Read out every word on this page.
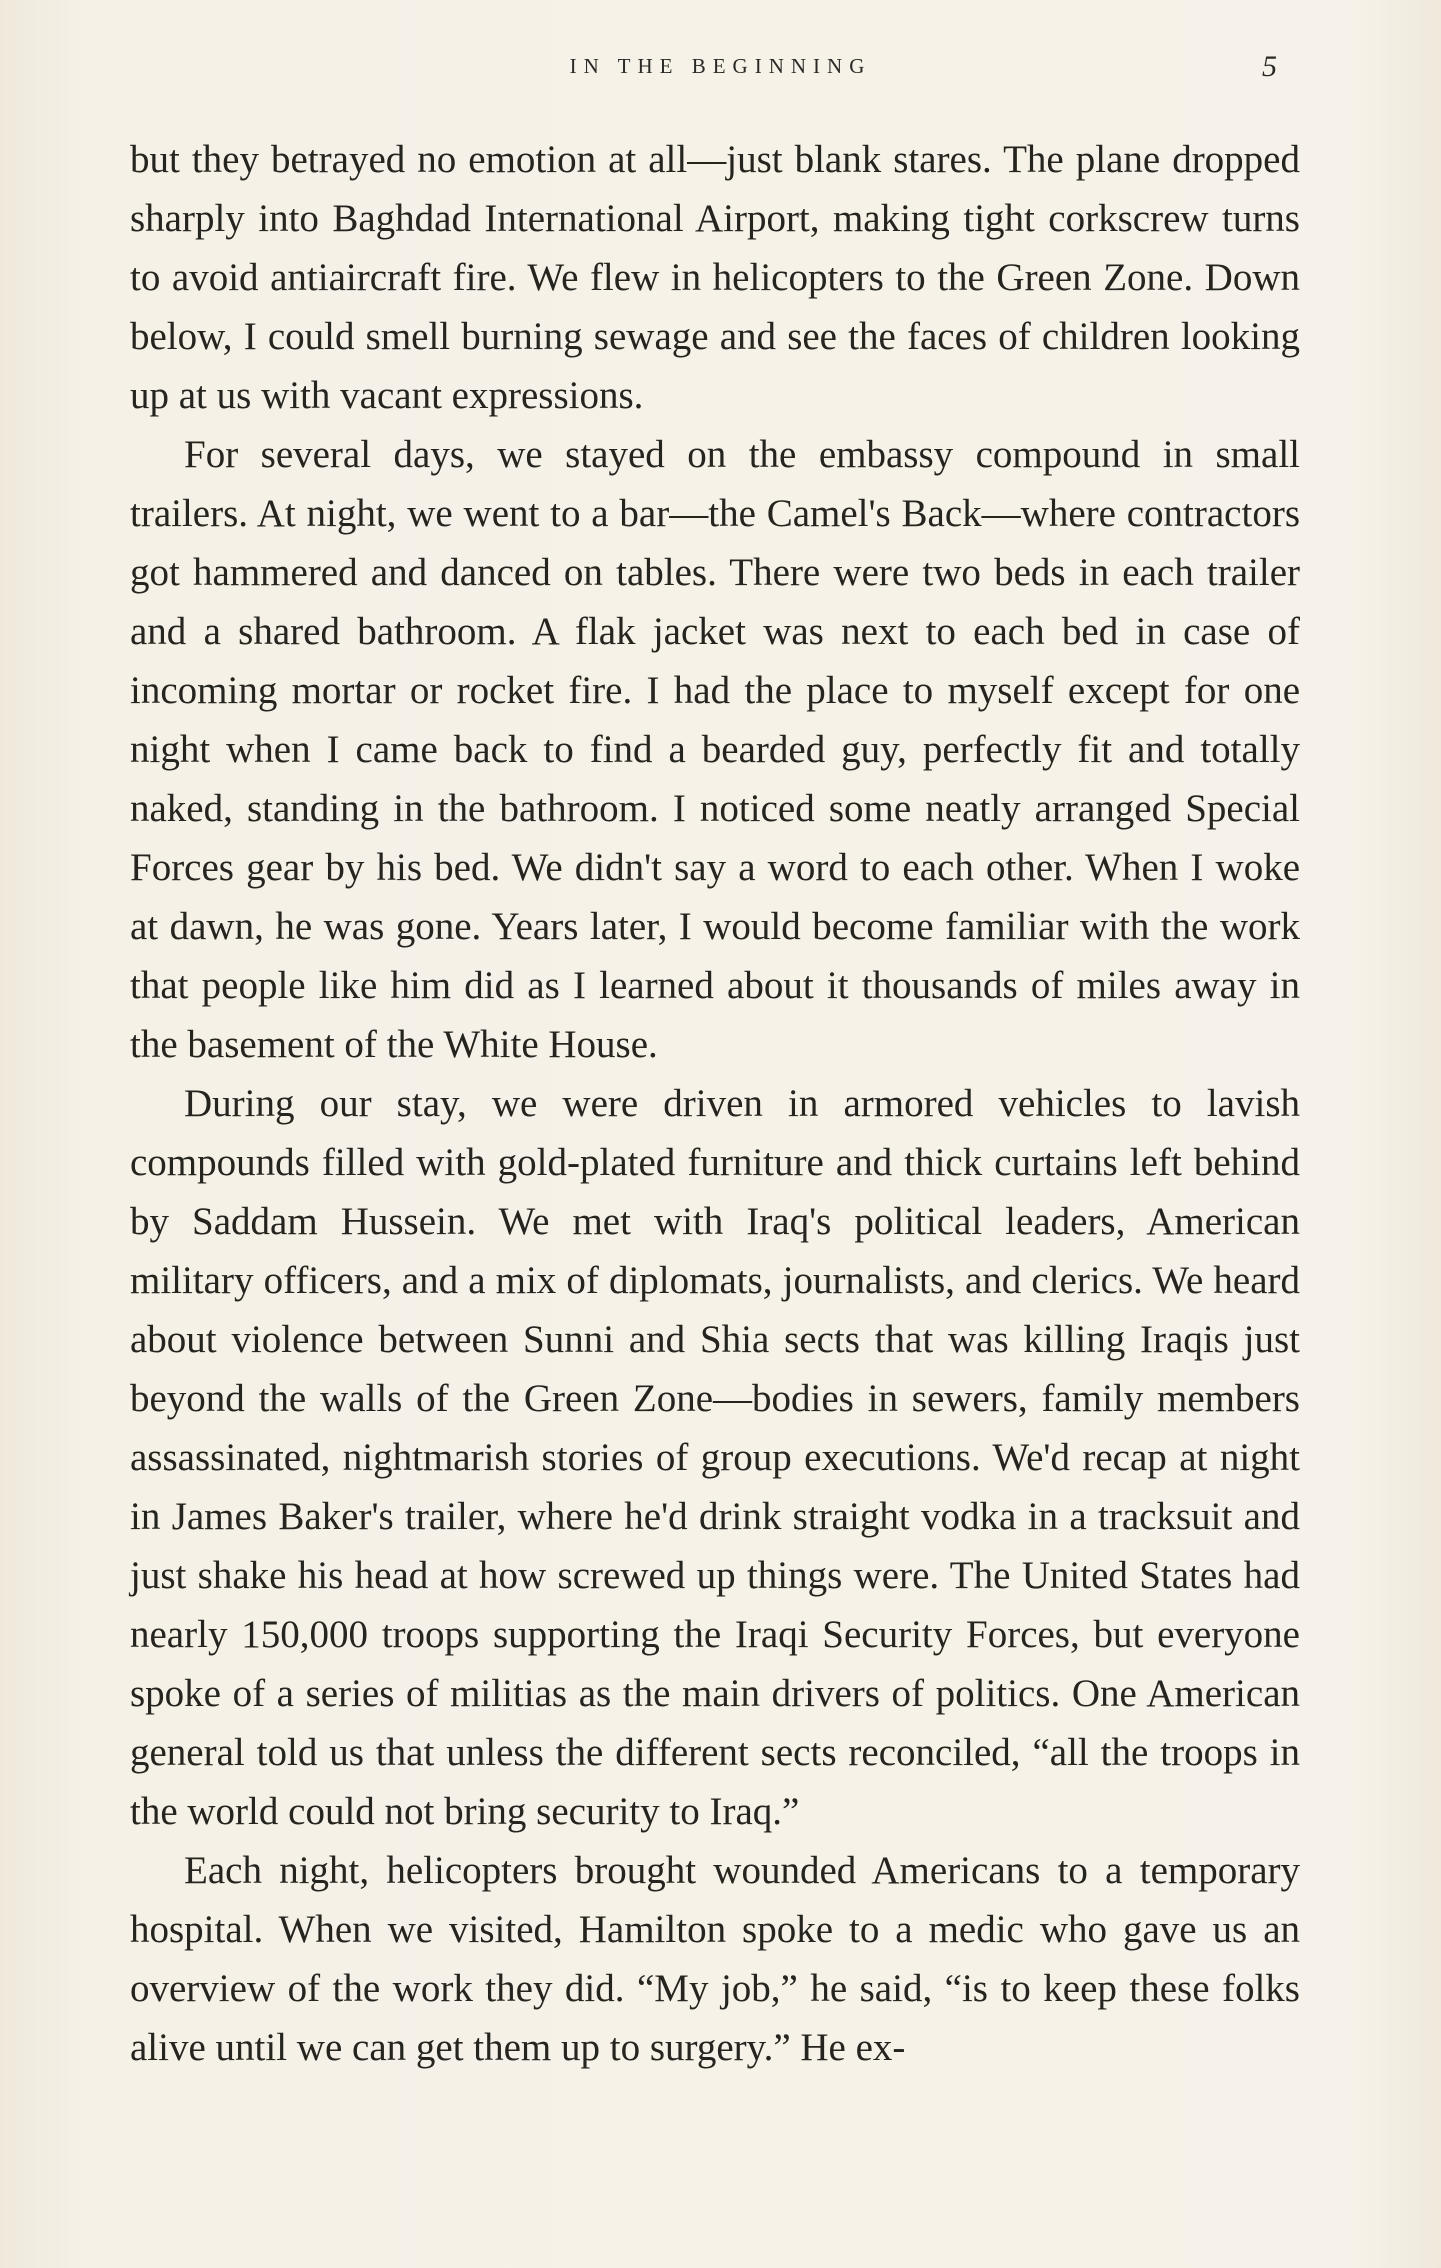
IN THE BEGINNING	5

but they betrayed no emotion at all—just blank stares. The plane dropped sharply into Baghdad International Airport, making tight corkscrew turns to avoid antiaircraft fire. We flew in helicopters to the Green Zone. Down below, I could smell burning sewage and see the faces of children looking up at us with vacant expressions.

For several days, we stayed on the embassy compound in small trailers. At night, we went to a bar—the Camel's Back—where contractors got hammered and danced on tables. There were two beds in each trailer and a shared bathroom. A flak jacket was next to each bed in case of incoming mortar or rocket fire. I had the place to myself except for one night when I came back to find a bearded guy, perfectly fit and totally naked, standing in the bathroom. I noticed some neatly arranged Special Forces gear by his bed. We didn't say a word to each other. When I woke at dawn, he was gone. Years later, I would become familiar with the work that people like him did as I learned about it thousands of miles away in the basement of the White House.

During our stay, we were driven in armored vehicles to lavish compounds filled with gold-plated furniture and thick curtains left behind by Saddam Hussein. We met with Iraq's political leaders, American military officers, and a mix of diplomats, journalists, and clerics. We heard about violence between Sunni and Shia sects that was killing Iraqis just beyond the walls of the Green Zone—bodies in sewers, family members assassinated, nightmarish stories of group executions. We'd recap at night in James Baker's trailer, where he'd drink straight vodka in a tracksuit and just shake his head at how screwed up things were. The United States had nearly 150,000 troops supporting the Iraqi Security Forces, but everyone spoke of a series of militias as the main drivers of politics. One American general told us that unless the different sects reconciled, “all the troops in the world could not bring security to Iraq.”

Each night, helicopters brought wounded Americans to a temporary hospital. When we visited, Hamilton spoke to a medic who gave us an overview of the work they did. “My job,” he said, “is to keep these folks alive until we can get them up to surgery.” He ex-
